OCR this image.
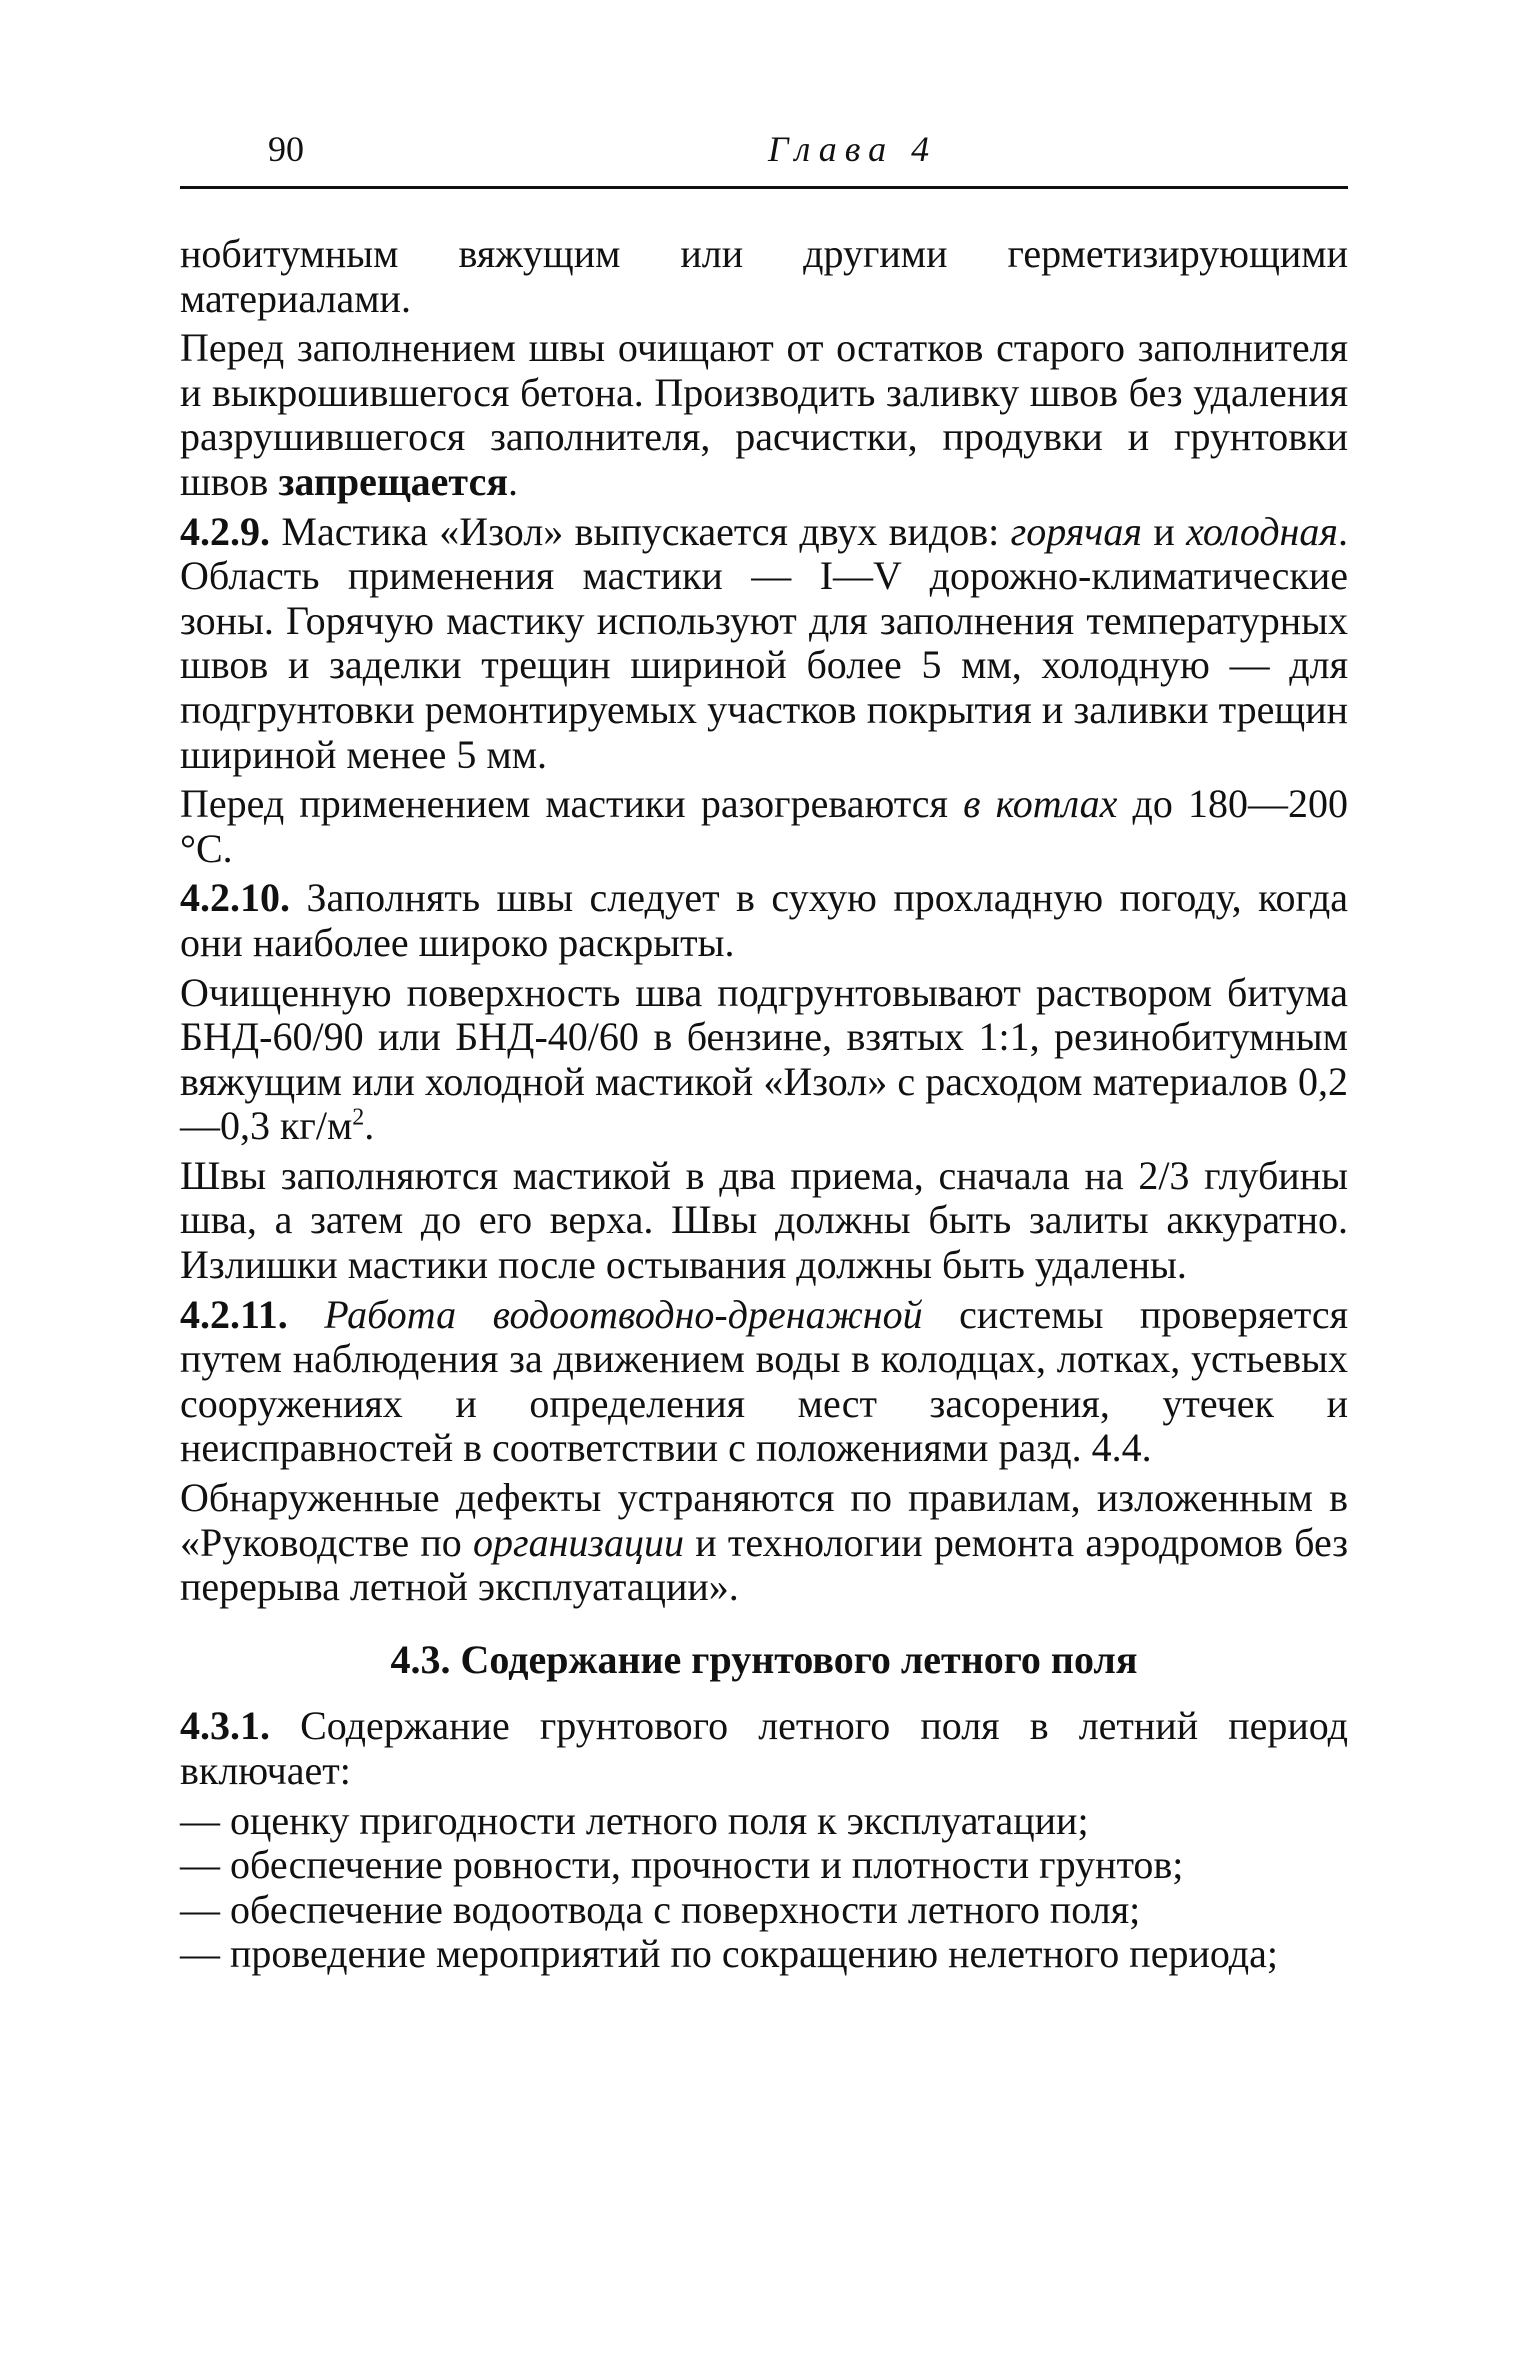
90	Глава 4

нобитумным вяжущим или другими герметизирующими материалами.

Перед заполнением швы очищают от остатков старого заполнителя и выкрошившегося бетона. Производить заливку швов без удаления разрушившегося заполнителя, расчистки, продувки и грунтовки швов запрещается.

4.2.9. Мастика «Изол» выпускается двух видов: горячая и холодная. Область применения мастики — I—V дорожно-климатические зоны. Горячую мастику используют для заполнения температурных швов и заделки трещин шириной более 5 мм, холодную — для подгрунтовки ремонтируемых участков покрытия и заливки трещин шириной менее 5 мм.

Перед применением мастики разогреваются в котлах до 180—200 °С.

4.2.10. Заполнять швы следует в сухую прохладную погоду, когда они наиболее широко раскрыты.

Очищенную поверхность шва подгрунтовывают раствором битума БНД-60/90 или БНД-40/60 в бензине, взятых 1:1, резинобитумным вяжущим или холодной мастикой «Изол» с расходом материалов 0,2—0,3 $кг/м^2$.

Швы заполняются мастикой в два приема, сначала на 2/3 глубины шва, а затем до его верха. Швы должны быть залиты аккуратно. Излишки мастики после остывания должны быть удалены.

4.2.11. Работа водоотводно-дренажной системы проверяется путем наблюдения за движением воды в колодцах, лотках, устьевых сооружениях и определения мест засорения, утечек и неисправностей в соответствии с положениями разд. 4.4.

Обнаруженные дефекты устраняются по правилам, изложенным в «Руководстве по организации и технологии ремонта аэродромов без перерыва летной эксплуатации».

4.3. Содержание грунтового летного поля

4.3.1. Содержание грунтового летного поля в летний период включает:

— оценку пригодности летного поля к эксплуатации;
— обеспечение ровности, прочности и плотности грунтов;
— обеспечение водоотвода с поверхности летного поля;
— проведение мероприятий по сокращению нелетного периода;
